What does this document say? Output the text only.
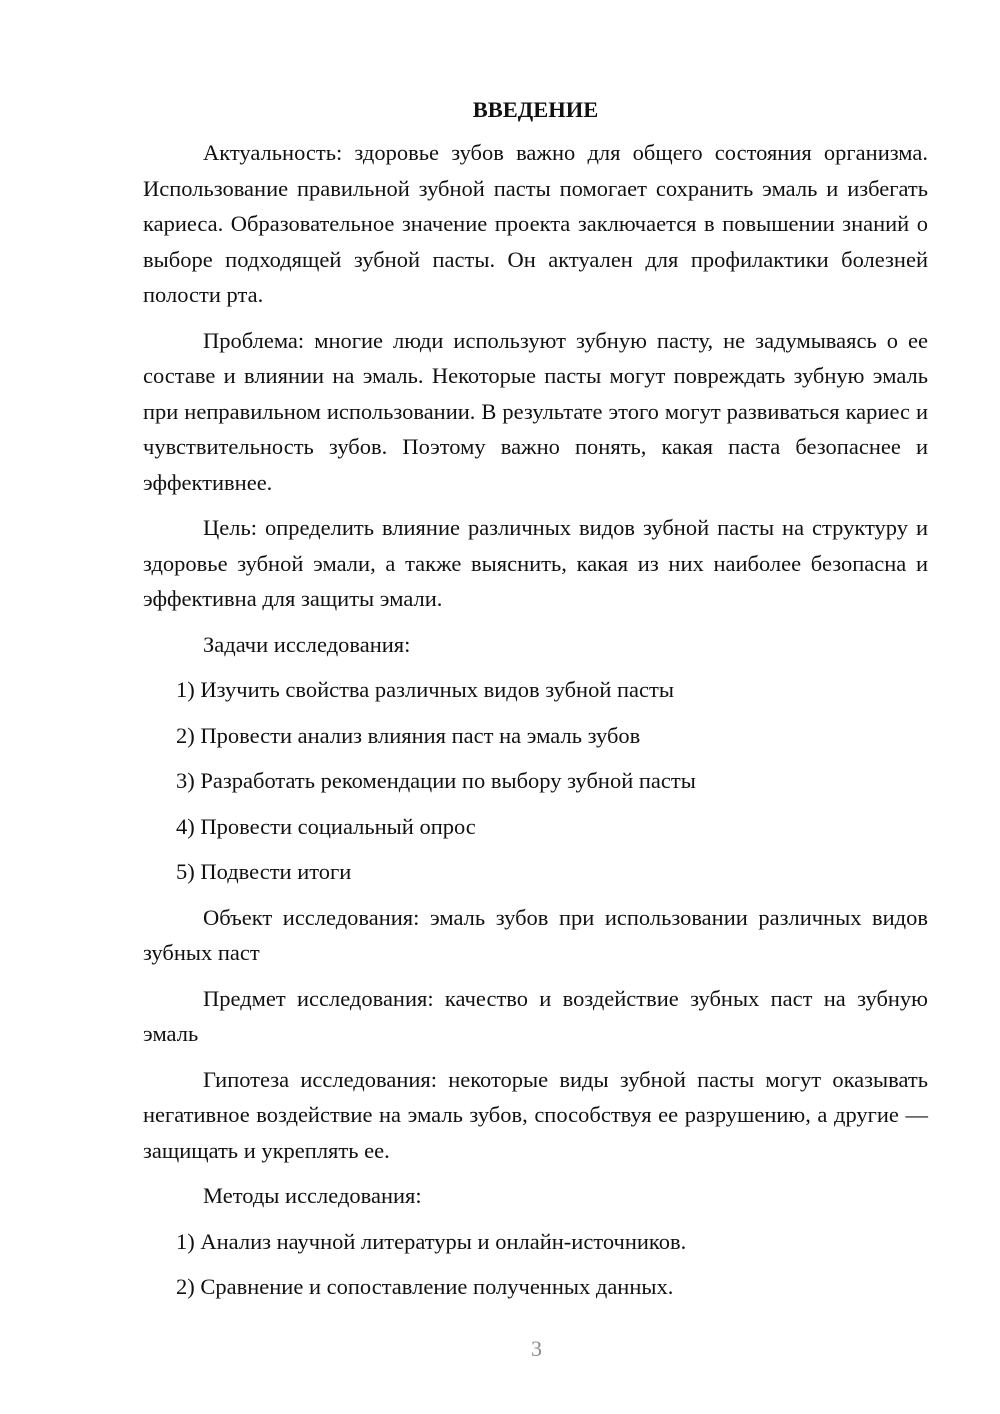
ВВЕДЕНИЕ

Актуальность: здоровье зубов важно для общего состояния организма. Использование правильной зубной пасты помогает сохранить эмаль и избегать кариеса. Образовательное значение проекта заключается в повышении знаний о выборе подходящей зубной пасты. Он актуален для профилактики болезней полости рта.

Проблема: многие люди используют зубную пасту, не задумываясь о ее составе и влиянии на эмаль. Некоторые пасты могут повреждать зубную эмаль при неправильном использовании. В результате этого могут развиваться кариес и чувствительность зубов. Поэтому важно понять, какая паста безопаснее и эффективнее.

Цель: определить влияние различных видов зубной пасты на структуру и здоровье зубной эмали, а также выяснить, какая из них наиболее безопасна и эффективна для защиты эмали.

Задачи исследования:

1) Изучить свойства различных видов зубной пасты
2) Провести анализ влияния паст на эмаль зубов
3) Разработать рекомендации по выбору зубной пасты
4) Провести социальный опрос
5) Подвести итоги

Объект исследования: эмаль зубов при использовании различных видов зубных паст

Предмет исследования: качество и воздействие зубных паст на зубную эмаль

Гипотеза исследования: некоторые виды зубной пасты могут оказывать негативное воздействие на эмаль зубов, способствуя ее разрушению, а другие — защищать и укреплять ее.

Методы исследования:

1) Анализ научной литературы и онлайн-источников.
2) Сравнение и сопоставление полученных данных.
3
